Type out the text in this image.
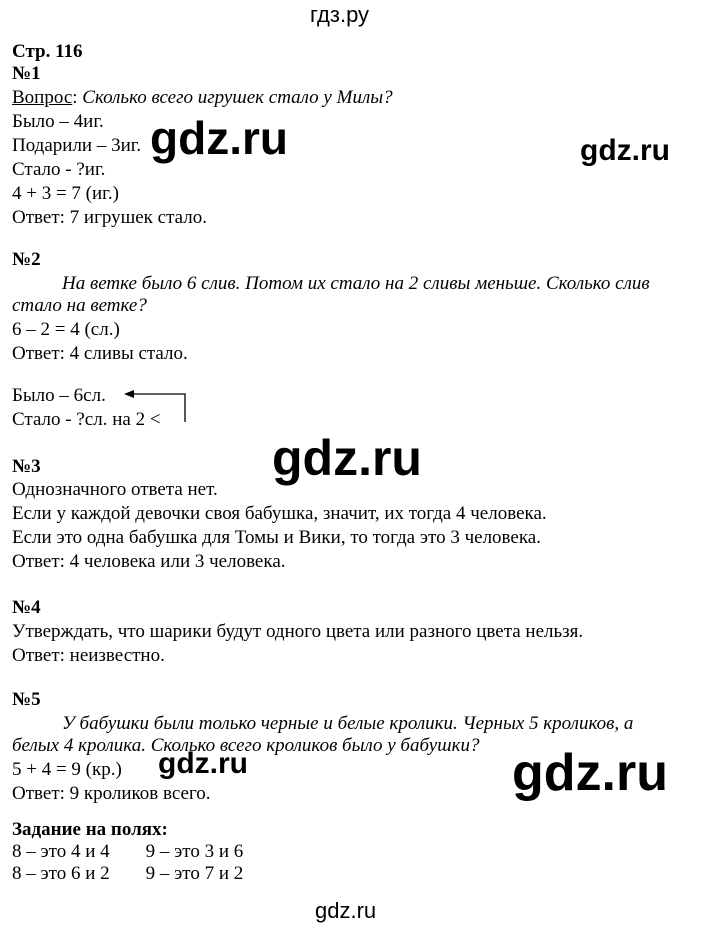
гдз.ру
Стр. 116
№1
Вопрос: Сколько всего игрушек стало у Милы?
Было – 4иг.
Подарили – 3иг.
Стало - ?иг.
4 + 3 = 7 (иг.)
Ответ: 7 игрушек стало.
№2
На ветке было 6 слив. Потом их стало на 2 сливы меньше. Сколько слив
стало на ветке?
6 – 2 = 4 (сл.)
Ответ: 4 сливы стало.
Было – 6сл.
Стало - ?сл. на 2 <
№3
Однозначного ответа нет.
Если у каждой девочки своя бабушка, значит, их тогда 4 человека.
Если это одна бабушка для Томы и Вики, то тогда это 3 человека.
Ответ: 4 человека или 3 человека.
№4
Утверждать, что шарики будут одного цвета или разного цвета нельзя.
Ответ: неизвестно.
№5
У бабушки были только черные и белые кролики. Черных 5 кроликов, а
белых 4 кролика. Сколько всего кроликов было у бабушки?
5 + 4 = 9 (кр.)
Ответ: 9 кроликов всего.
Задание на полях:
8 – это 4 и 4 9 – это 3 и 6
8 – это 6 и 2 9 – это 7 и 2
gdz.ru	gdz.ru
gdz.ru
gdz.ru	gdz.ru
gdz.ru
